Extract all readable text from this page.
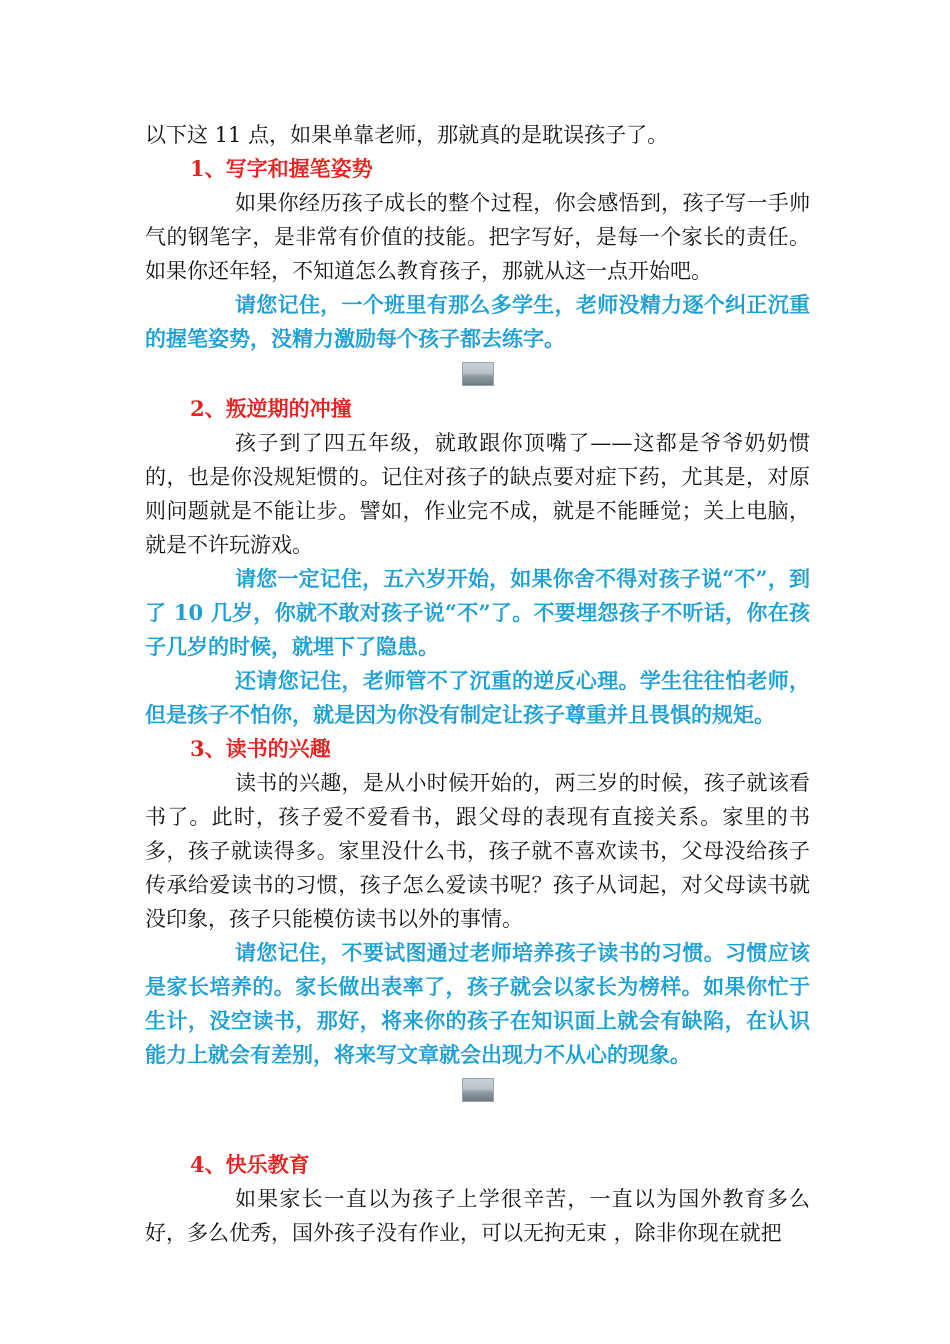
以下这 11 点，如果单靠老师，那就真的是耽误孩子了。

1、写字和握笔姿势

如果你经历孩子成长的整个过程，你会感悟到，孩子写一手帅气的钢笔字，是非常有价值的技能。把字写好，是每一个家长的责任。如果你还年轻，不知道怎么教育孩子，那就从这一点开始吧。

请您记住，一个班里有那么多学生，老师没精力逐个纠正沉重的握笔姿势，没精力激励每个孩子都去练字。

2、叛逆期的冲撞

孩子到了四五年级，就敢跟你顶嘴了——这都是爷爷奶奶惯的，也是你没规矩惯的。记住对孩子的缺点要对症下药，尤其是，对原则问题就是不能让步。譬如，作业完不成，就是不能睡觉；关上电脑，就是不许玩游戏。

请您一定记住，五六岁开始，如果你舍不得对孩子说“不”，到了 10 几岁，你就不敢对孩子说“不”了。不要埋怨孩子不听话，你在孩子几岁的时候，就埋下了隐患。

还请您记住，老师管不了沉重的逆反心理。学生往往怕老师，但是孩子不怕你，就是因为你没有制定让孩子尊重并且畏惧的规矩。

3、读书的兴趣

读书的兴趣，是从小时候开始的，两三岁的时候，孩子就该看书了。此时，孩子爱不爱看书，跟父母的表现有直接关系。家里的书多，孩子就读得多。家里没什么书，孩子就不喜欢读书，父母没给孩子传承给爱读书的习惯，孩子怎么爱读书呢？孩子从词起，对父母读书就没印象，孩子只能模仿读书以外的事情。

请您记住，不要试图通过老师培养孩子读书的习惯。习惯应该是家长培养的。家长做出表率了，孩子就会以家长为榜样。如果你忙于生计，没空读书，那好，将来你的孩子在知识面上就会有缺陷，在认识能力上就会有差别，将来写文章就会出现力不从心的现象。

4、快乐教育

如果家长一直以为孩子上学很辛苦，一直以为国外教育多么好，多么优秀，国外孩子没有作业，可以无拘无束 ，除非你现在就把
